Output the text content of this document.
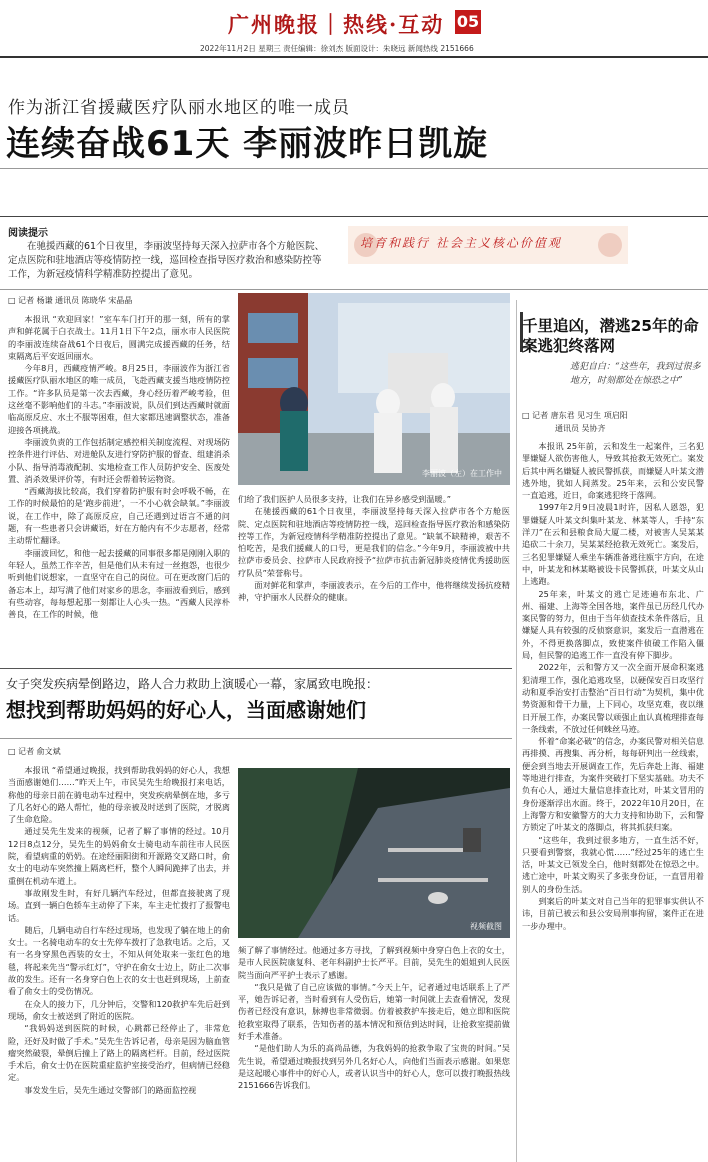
广州晚报｜热线·互动 05
2022年11月2日 星期三 责任编辑：徐刘杰 版面设计：朱晓远 新闻热线 2151666
作为浙江省援藏医疗队丽水地区的唯一成员
连续奋战61天 李丽波昨日凯旋
阅读提示
在驰援西藏的61个日夜里，李丽波坚持每天深入拉萨市各个方舱医院、定点医院和驻地酒店等疫情防控一线，巡回检查指导医疗救治和感染防控等工作，为新冠疫情科学精准防控提出了意见。
培育和践行 社会主义核心价值观
□ 记者 杨谦 通讯员 陈晓华 宋晶晶

本报讯 “欢迎回家！”室车车门打开的那一刻，所有的掌声和鲜花属于白衣战士。11月1日下午2点，丽水市人民医院的李丽波连续奋战61个日夜后，圆满完成援西藏的任务，结束隔离后平安返回丽水。

今年8月，西藏疫情严峻。8月25日，李丽波作为浙江省援藏医疗队丽水地区的唯一成员，飞赴西藏支援当地疫情防控工作。“许多队员是第一次去西藏，身心经历着严峻考验，但这丝毫不影响他们的斗志。”李丽波说，队员们到达西藏时就面临高原反应、水土不服等困难，但大家都迅速调整状态，准备迎接各项挑战。

李丽波负责的工作包括制定感控相关制度流程、对现场防控条件进行评估、对进舱队友进行穿防护服的督查、组建消杀小队、指导消毒液配制、实地检查工作人员防护安全、医废处置、消杀效果评价等，有时还会帮着转运物资。

“西藏海拔比较高，我们穿着防护服有时会呼吸不畅，在工作的时候最怕的是‘跑步前进’，一不小心就会缺氧。”李丽波说，在工作中，除了高原反应，自己还遇到过语言不通的问题，有一些患者只会讲藏语，好在方舱内有不少志愿者，经常主动帮忙翻译。

李丽波回忆，和他一起去援藏的同事很多都是刚刚入职的年轻人，虽然工作辛苦，但是他们从未有过一丝抱怨，也很少听到他们说想家，一直坚守在自己的岗位。可在更改窗门后的备忘本上，却写满了他们对家乡的思念，李丽波看到后，感到有些动容，每每想起那一刻都让人心头一热。“西藏人民淳朴善良，在工作的时候，他

李丽波（左）在工作中

们给了我们医护人员很多支持，让我们在异乡感受到温暖。”

在驰援西藏的61个日夜里，李丽波坚持每天深入拉萨市各个方舱医院、定点医院和驻地酒店等疫情防控一线，巡回检查指导医疗救治和感染防控等工作，为新冠疫情科学精准防控提出了意见。“缺氧不缺精神，艰苦不怕吃苦，是我们援藏人的口号，更是我们的信念。”今年9月，李丽波被中共拉萨市委员会、拉萨市人民政府授予“拉萨市抗击新冠肺炎疫情优秀援助医疗队员”荣誉称号。

面对鲜花和掌声，李丽波表示，在今后的工作中，他将继续发扬抗疫精神，守护丽水人民群众的健康。

千里追凶，潜逃25年的命案逃犯终落网
逃犯自白：“这些年，我到过很多地方，时刻都处在惊恐之中”
□ 记者 唐东君 见习生 项启阳
通讯员 吴协齐

本报讯 25年前，云和发生一起案件，三名犯罪嫌疑人欲伤害他人，导致其抢救无效死亡。案发后其中两名嫌疑人被民警抓获，而嫌疑人叶某文潜逃外地，犹如人间蒸发。25年来，云和公安民警一直追逃，近日，命案逃犯终于落网。

1997年2月9日凌晨1时许，因私人恩怨，犯罪嫌疑人叶某文纠集叶某龙、林某等人，手持“东洋刀”在云和县粮食局大厦二楼，对被害人吴某某追砍二十余刀，吴某某经抢救无效死亡。案发后，三名犯罪嫌疑人乘坐车辆准备逃往瓯宇方向，在途中，叶某龙和林某略被设卡民警抓获，叶某文从山上逃跑。

25年来，叶某文的逃亡足迹遍布东北、广州、福建、上海等全国各地，案件虽已历经几代办案民警的努力，但由于当年侦查技术条件落后，且嫌疑人具有较强的反侦察意识，案发后一直潜逃在外，不得更换落脚点，致使案件侦破工作陷入僵局，但民警的追逃工作一直没有停下脚步。

2022年，云和警方又一次全面开展命积案逃犯清理工作，强化追逃攻坚，以硬保安百日攻坚行动和夏季治安打击整治“百日行动”为契机，集中优势资源和骨干力量，上下同心，攻坚克难，夜以继日开展工作，办案民警以顽强止血认真梳理排查每一条线索，不放过任何蛛丝马迹。

怀着“命案必破”的信念，办案民警对相关信息再排摸、再搜集、再分析，每每研判出一丝线索，便会到当地去开展调查工作，先后奔赴上海、福建等地进行排查，为案件突破打下坚实基础。功夫不负有心人，通过大量信息排查比对，叶某文冒用的身份逐渐浮出水面。终于，2022年10月20日，在上海警方和安徽警方的大力支持和协助下，云和警方锁定了叶某文的落脚点，将其抓获归案。

“这些年，我到过很多地方，一直生活不好，只要看到警察，我就心慌……”经过25年的逃亡生活，叶某文已领发全白，他时刻都处在惊恐之中。逃亡途中，叶某文购买了多张身份证，一直冒用着别人的身份生活。

到案后的叶某文对自己当年的犯罪事实供认不讳，目前已被云和县公安局刑事拘留，案件正在进一步办理中。

女子突发疾病晕倒路边，路人合力救助上演暖心一幕，家属致电晚报：
想找到帮助妈妈的好心人，当面感谢她们
□ 记者 俞文斌

本报讯 “希望通过晚报，找到帮助我妈妈的好心人，我想当面感谢她们……”昨天上午，市民吴先生给晚报打来电话，称他的母亲日前在骑电动车过程中，突发疾病晕倒在地，多亏了几名好心的路人帮忙，他的母亲被及时送到了医院，才脱离了生命危险。

通过吴先生发来的视频，记者了解了事情的经过。10月12日8点12分，吴先生的妈妈俞女士骑电动车前往市人民医院，看望病重的奶奶。在途经丽阳街和开源路交叉路口时，俞女士的电动车突然撞上隔离栏杆，整个人瞬间跪摔了出去，并重倒在机动车道上。

事故刚发生时，有好几辆汽车经过，但都直接驶离了现场。直到一辆白色轿车主动停了下来，车主走忙拨打了报警电话。

随后，几辆电动自行车经过现场，也发现了躺在地上的俞女士。一名骑电动车的女士先停车拨打了急救电话。之后，又有一名身穿黑色西装的女士，不知从何处取来一张红色的地毯，将起来先当“警示红灯”，守护在俞女士边上，防止二次事故的发生。还有一名身穿白色上衣的女士也赶到现场，上前查看了俞女士的受伤情况。

在众人的接力下，几分钟后，交警和120救护车先后赶到现场，俞女士被送到了附近的医院。

“我妈妈送到医院的时候，心跳都已经停止了，非常危险，还好及时做了手术。”吴先生告诉记者，母亲是因为脑血管瘤突然破裂，晕倒后撞上了路上的隔离栏杆。目前，经过医院手术后，俞女士仍在医院重症监护室接受治疗，但病情已经稳定。

事发发生后，吴先生通过交警部门的路面监控视

视频截图

频了解了事情经过。他通过多方寻找，了解到视频中身穿白色上衣的女士，是市人民医院康复科、老年科副护士长严平。目前，吴先生的姐姐到人民医院当面向严平护士表示了感谢。

“我只是做了自己应该做的事情。”今天上午，记者通过电话联系上了严平，她告诉记者，当时看到有人受伤后，她第一时间就上去查看情况，发现伤者已经没有意识，脉搏也非常微弱。仿着被救护车接走后，她立即和医院抢救室取得了联系，告知伤者的基本情况和预估到达时间，让抢救室提前做好手术准备。

“是他们助人为乐的高尚品德，为我妈妈的抢救争取了宝贵的时间。”吴先生说，希望通过晚报找到另外几名好心人，向他们当面表示感谢。如果您是这起暖心事件中的好心人，或者认识当中的好心人，您可以拨打晚报热线2151666告诉我们。
